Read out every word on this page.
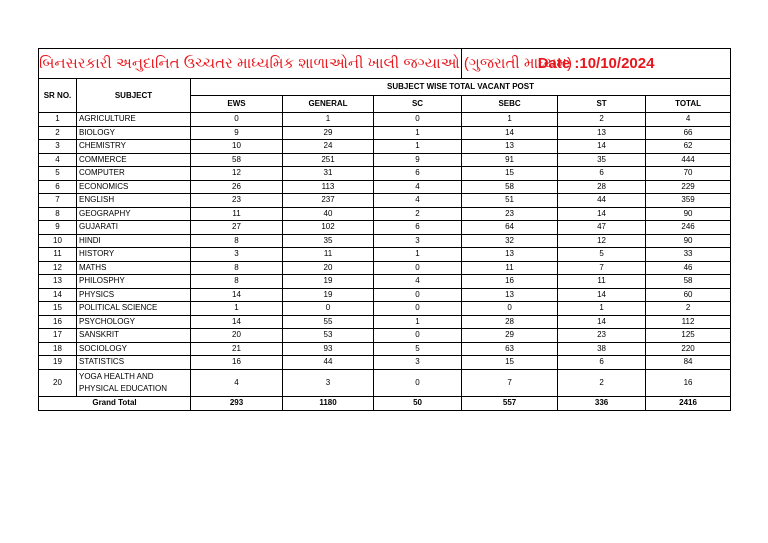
બિનસરકારી અનુદાનિત ઉચ્ચતર માધ્યમિક શાળાઓની ખાલી જગ્યાઓ (ગુજરાતી માધ્યમ)					Date :10/10/2024		
SR NO.	SUBJECT	SUBJECT WISE TOTAL VACANT POST					
		EWS	GENERAL	SC	SEBC	ST	TOTAL
1	AGRICULTURE	0	1	0	1	2	4
2	BIOLOGY	9	29	1	14	13	66
3	CHEMISTRY	10	24	1	13	14	62
4	COMMERCE	58	251	9	91	35	444
5	COMPUTER	12	31	6	15	6	70
6	ECONOMICS	26	113	4	58	28	229
7	ENGLISH	23	237	4	51	44	359
8	GEOGRAPHY	11	40	2	23	14	90
9	GUJARATI	27	102	6	64	47	246
10	HINDI	8	35	3	32	12	90
11	HISTORY	3	11	1	13	5	33
12	MATHS	8	20	0	11	7	46
13	PHILOSPHY	8	19	4	16	11	58
14	PHYSICS	14	19	0	13	14	60
15	POLITICAL SCIENCE	1	0	0	0	1	2
16	PSYCHOLOGY	14	55	1	28	14	112
17	SANSKRIT	20	53	0	29	23	125
18	SOCIOLOGY	21	93	5	63	38	220
19	STATISTICS	16	44	3	15	6	84
20	YOGA HEALTH AND
PHYSICAL EDUCATION	4	3	0	7	2	16
Grand Total		293	1180	50	557	336	2416
